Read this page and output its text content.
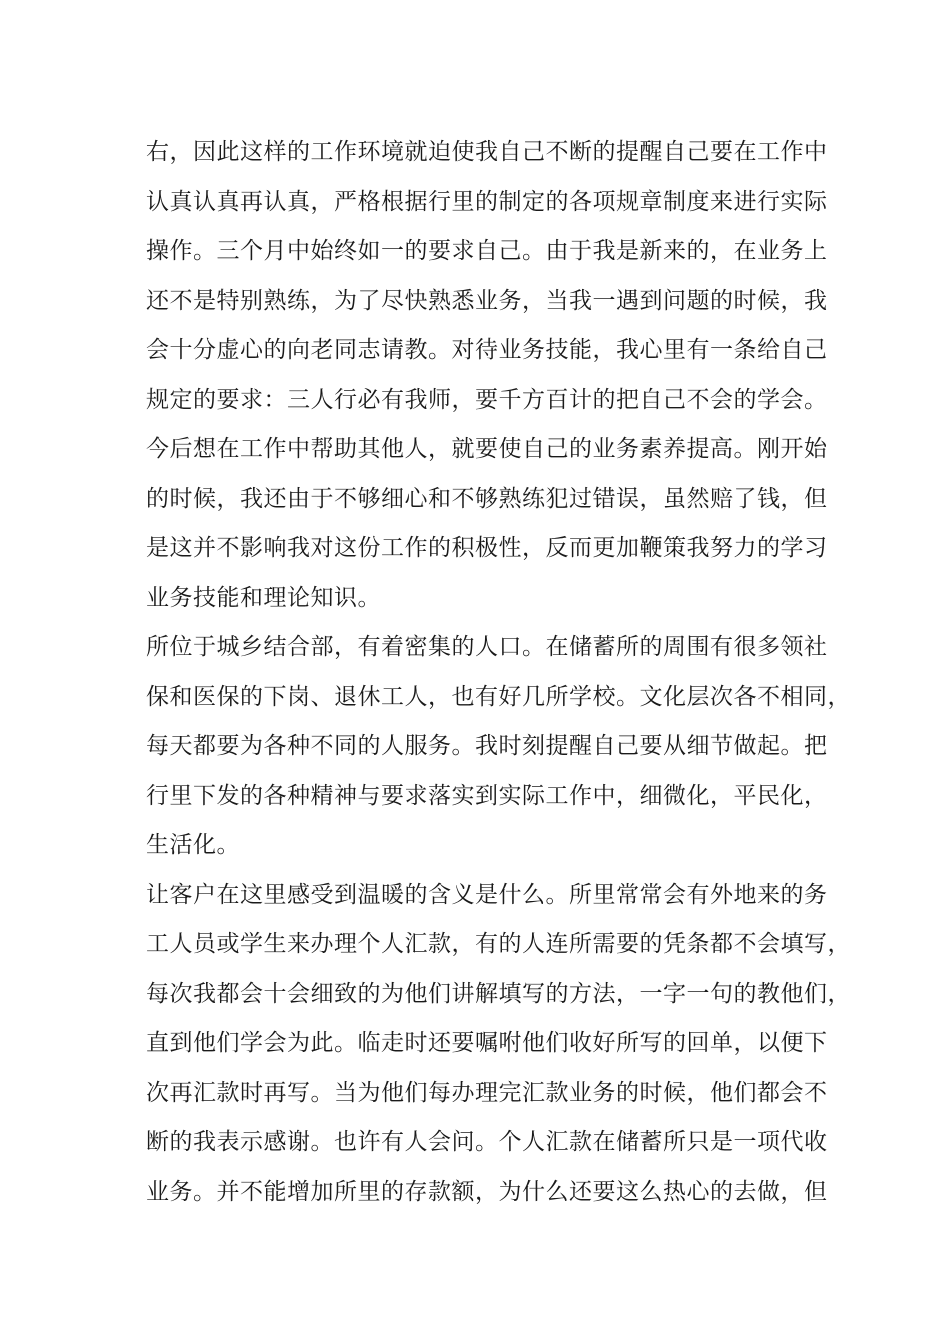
右，因此这样的工作环境就迫使我自己不断的提醒自己要在工作中
认真认真再认真，严格根据行里的制定的各项规章制度来进行实际
操作。三个月中始终如一的要求自己。由于我是新来的，在业务上
还不是特别熟练，为了尽快熟悉业务，当我一遇到问题的时候，我
会十分虚心的向老同志请教。对待业务技能，我心里有一条给自己
规定的要求：三人行必有我师，要千方百计的把自己不会的学会。
今后想在工作中帮助其他人，就要使自己的业务素养提高。刚开始
的时候，我还由于不够细心和不够熟练犯过错误，虽然赔了钱，但
是这并不影响我对这份工作的积极性，反而更加鞭策我努力的学习
业务技能和理论知识。
所位于城乡结合部，有着密集的人口。在储蓄所的周围有很多领社
保和医保的下岗、退休工人，也有好几所学校。文化层次各不相同，
每天都要为各种不同的人服务。我时刻提醒自己要从细节做起。把
行里下发的各种精神与要求落实到实际工作中，细微化，平民化，
生活化。
让客户在这里感受到温暖的含义是什么。所里常常会有外地来的务
工人员或学生来办理个人汇款，有的人连所需要的凭条都不会填写，
每次我都会十会细致的为他们讲解填写的方法，一字一句的教他们，
直到他们学会为此。临走时还要嘱咐他们收好所写的回单，以便下
次再汇款时再写。当为他们每办理完汇款业务的时候，他们都会不
断的我表示感谢。也许有人会问。个人汇款在储蓄所只是一项代收
业务。并不能增加所里的存款额，为什么还要这么热心的去做，但
